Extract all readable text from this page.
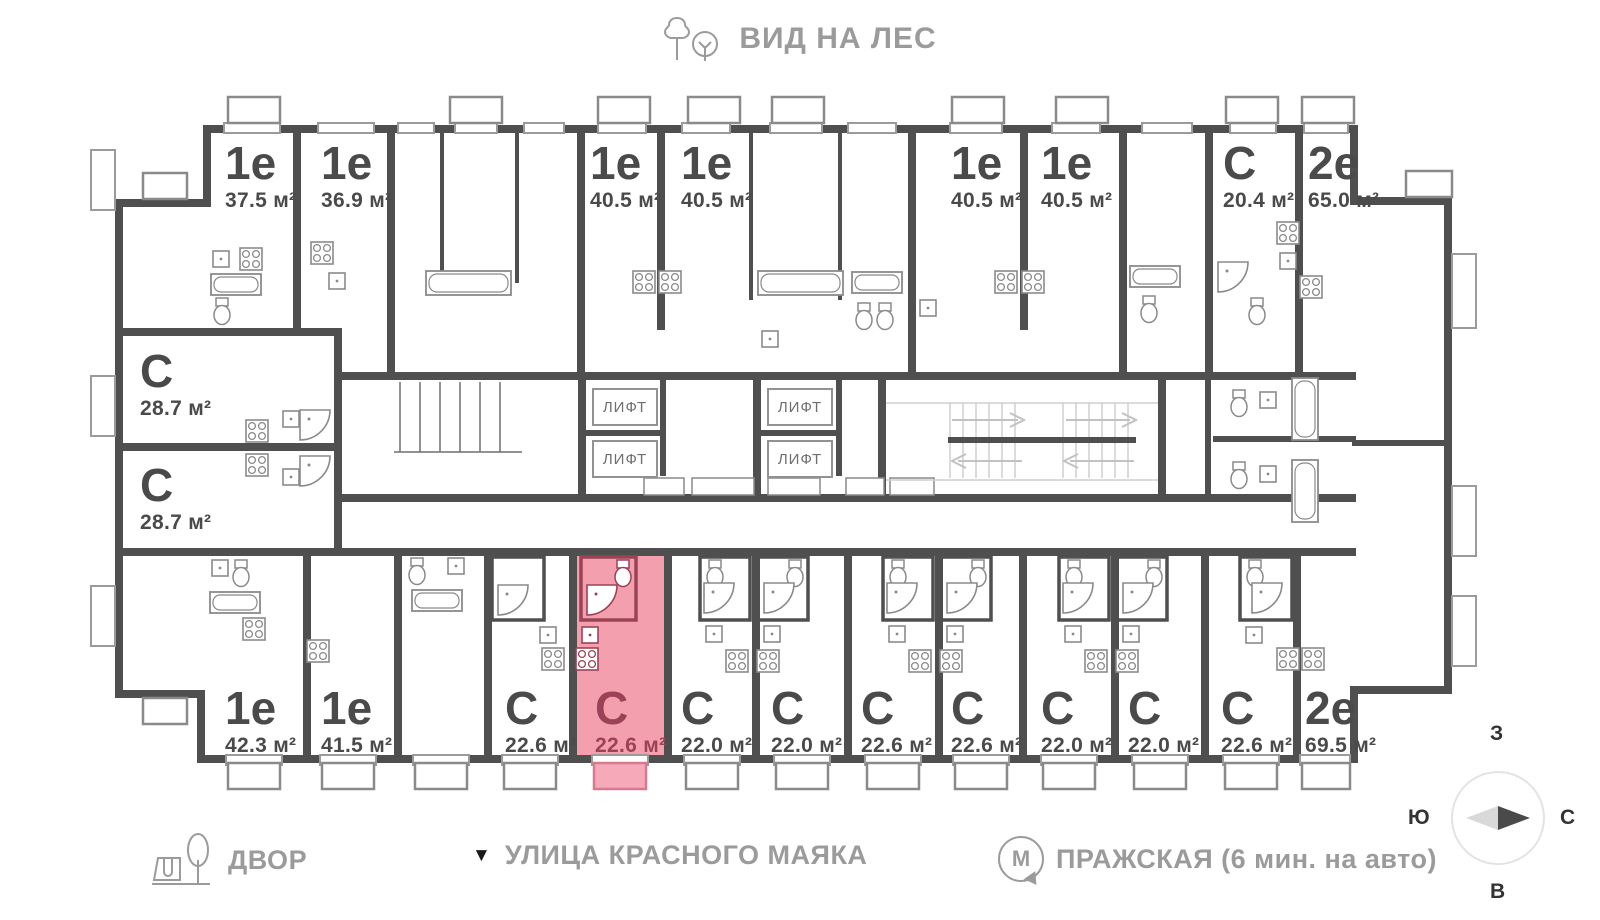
ВИД НА ЛЕС
ЛИФТ
ЛИФТ
ЛИФТ
ЛИФТ
1е
37.5 м²
1е
36.9 м²
1е
40.5 м²
1е
40.5 м²
1е
40.5 м²
1е
40.5 м²
С
20.4 м²
2е
65.0 м²
С
28.7 м²
С
28.7 м²
1е
42.3 м²
1е
41.5 м²
С
22.6 м²
С
22.6 м²
С
22.0 м²
С
22.0 м²
С
22.6 м²
С
22.6 м²
С
22.0 м²
С
22.0 м²
С
22.6 м²
2е
69.5 м²
ДВОР	▼ УЛИЦА КРАСНОГО МАЯКА	М ПРАЖСКАЯ (6 мин. на авто)
З
Ю	С
В
